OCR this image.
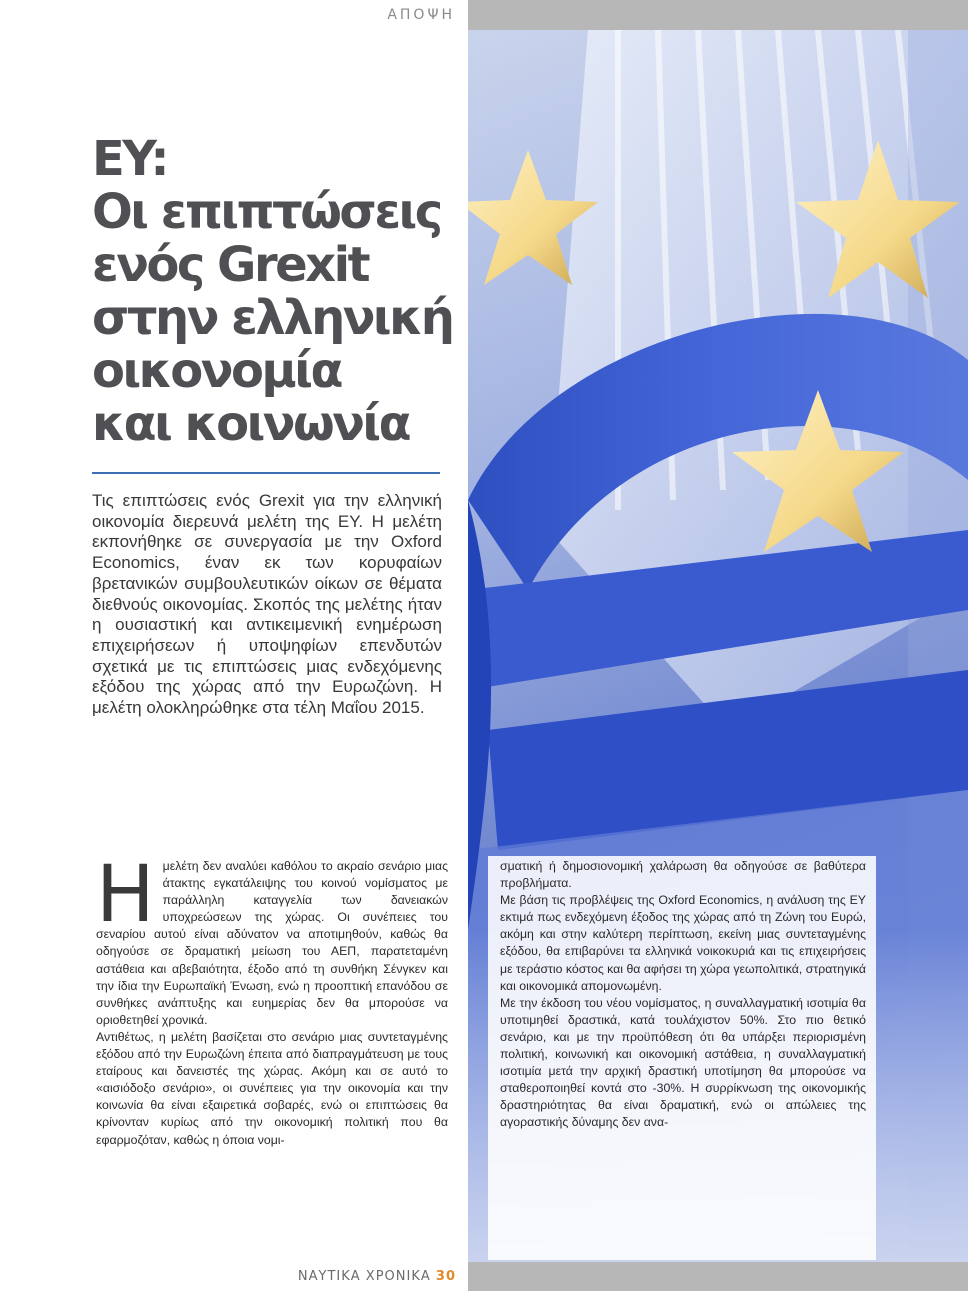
ΑΠΟΨΗ
EY:
Οι επιπτώσεις
ενός Grexit
στην ελληνική
οικονομία
και κοινωνία

Τις επιπτώσεις ενός Grexit για την ελληνική οικονομία διερευνά μελέτη της ΕΥ. Η μελέτη εκπονήθηκε σε συνεργασία με την Oxford Economics, έναν εκ των κορυφαίων βρετανικών συμβουλευτικών οίκων σε θέματα διεθνούς οικονομίας. Σκοπός της μελέτης ήταν η ουσιαστική και αντικειμενική ενημέρωση επιχειρήσεων ή υποψηφίων επενδυτών σχετικά με τις επιπτώσεις μιας ενδεχόμενης εξόδου της χώρας από την Ευρωζώνη. Η μελέτη ολοκληρώθηκε στα τέλη Μαΐου 2015.

Ημελέτη δεν αναλύει καθόλου το ακραίο σενάριο μιας άτακτης εγκατάλειψης του κοινού νομίσματος με παράλληλη καταγγελία των δανειακών υποχρεώσεων της χώρας. Οι συνέπειες του σεναρίου αυτού είναι αδύνατον να αποτιμηθούν, καθώς θα οδηγούσε σε δραματική μείωση του ΑΕΠ, παρατεταμένη αστάθεια και αβεβαιότητα, έξοδο από τη συνθήκη Σένγκεν και την ίδια την Ευρωπαϊκή Ένωση, ενώ η προοπτική επανόδου σε συνθήκες ανάπτυξης και ευημερίας δεν θα μπορούσε να οριοθετηθεί χρονικά.

Αντιθέτως, η μελέτη βασίζεται στο σενάριο μιας συντεταγμένης εξόδου από την Ευρωζώνη έπειτα από διαπραγμάτευση με τους εταίρους και δανειστές της χώρας. Ακόμη και σε αυτό το «αισιόδοξο σενάριο», οι συνέπειες για την οικονομία και την κοινωνία θα είναι εξαιρετικά σοβαρές, ενώ οι επιπτώσεις θα κρίνονταν κυρίως από την οικονομική πολιτική που θα εφαρμοζόταν, καθώς η όποια νομι-

σματική ή δημοσιονομική χαλάρωση θα οδηγούσε σε βαθύτερα προβλήματα.

Με βάση τις προβλέψεις της Oxford Economics, η ανάλυση της ΕΥ εκτιμά πως ενδεχόμενη έξοδος της χώρας από τη Ζώνη του Ευρώ, ακόμη και στην καλύτερη περίπτωση, εκείνη μιας συντεταγμένης εξόδου, θα επιβαρύνει τα ελληνικά νοικοκυριά και τις επιχειρήσεις με τεράστιο κόστος και θα αφήσει τη χώρα γεωπολιτικά, στρατηγικά και οικονομικά απομονωμένη.

Με την έκδοση του νέου νομίσματος, η συναλλαγματική ισοτιμία θα υποτιμηθεί δραστικά, κατά τουλάχιστον 50%. Στο πιο θετικό σενάριο, και με την προϋπόθεση ότι θα υπάρξει περιορισμένη πολιτική, κοινωνική και οικονομική αστάθεια, η συναλλαγματική ισοτιμία μετά την αρχική δραστική υποτίμηση θα μπορούσε να σταθεροποιηθεί κοντά στο -30%. Η συρρίκνωση της οικονομικής δραστηριότητας θα είναι δραματική, ενώ οι απώλειες της αγοραστικής δύναμης δεν ανα-

ΝΑΥΤΙΚΑ ΧΡΟΝΙΚΑ 30
